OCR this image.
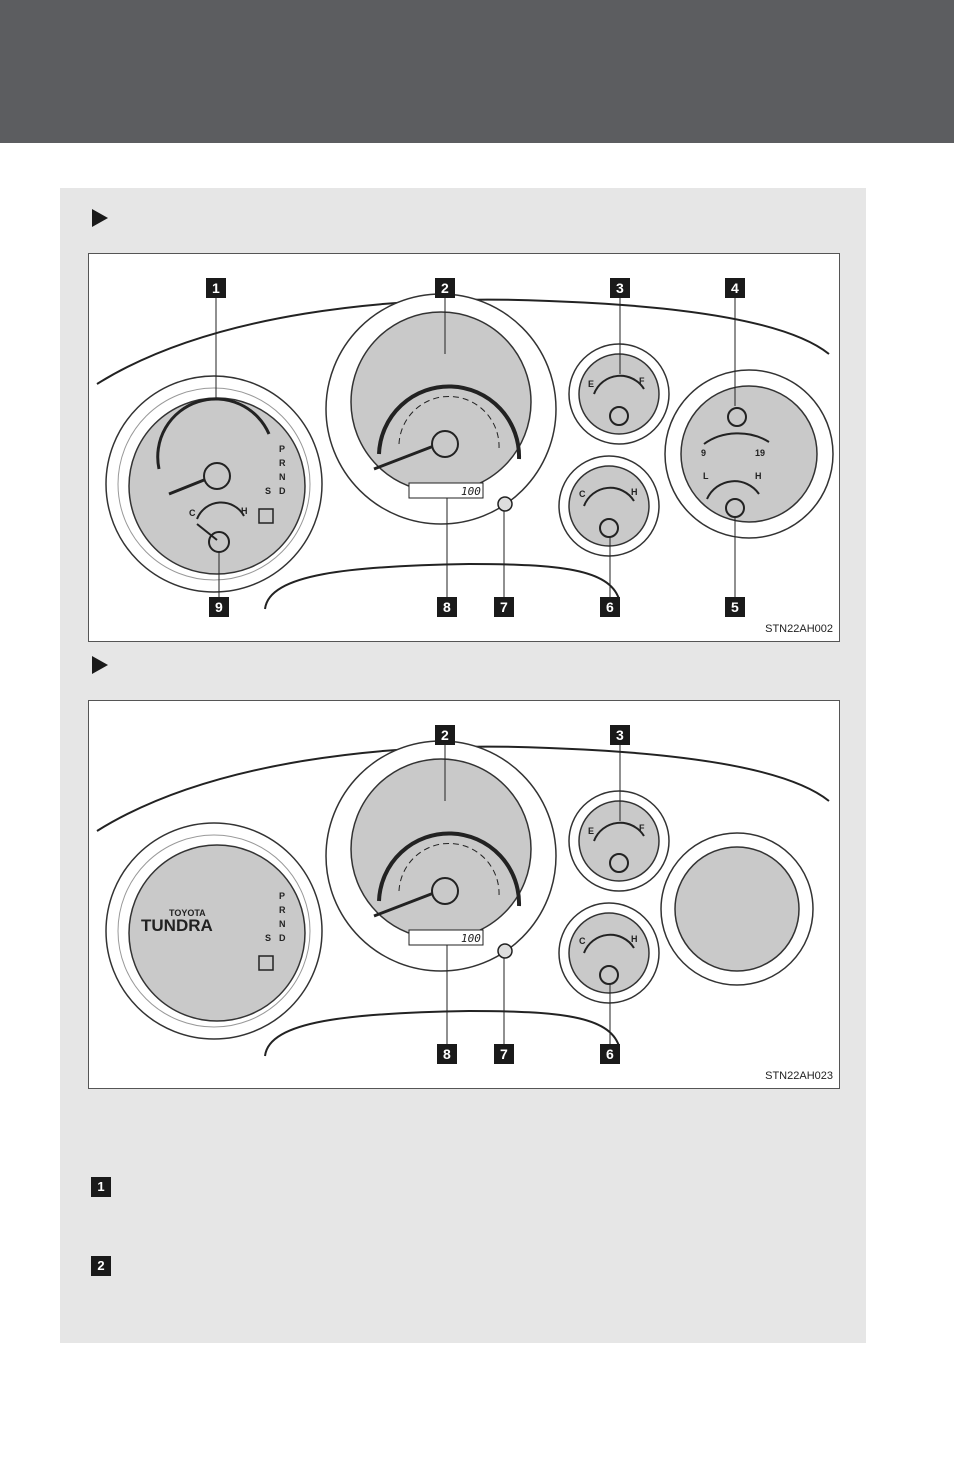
P
R
N
S D
C	H
E	F
C	H
9	19
L	H
100
1	2	3	4
5
6
7
8
9
STN22AH002
TOYOTA
TUNDRA
P
R
N
S D
E	F
C	H
100
2	3
6
7
8
STN22AH023
1
2
